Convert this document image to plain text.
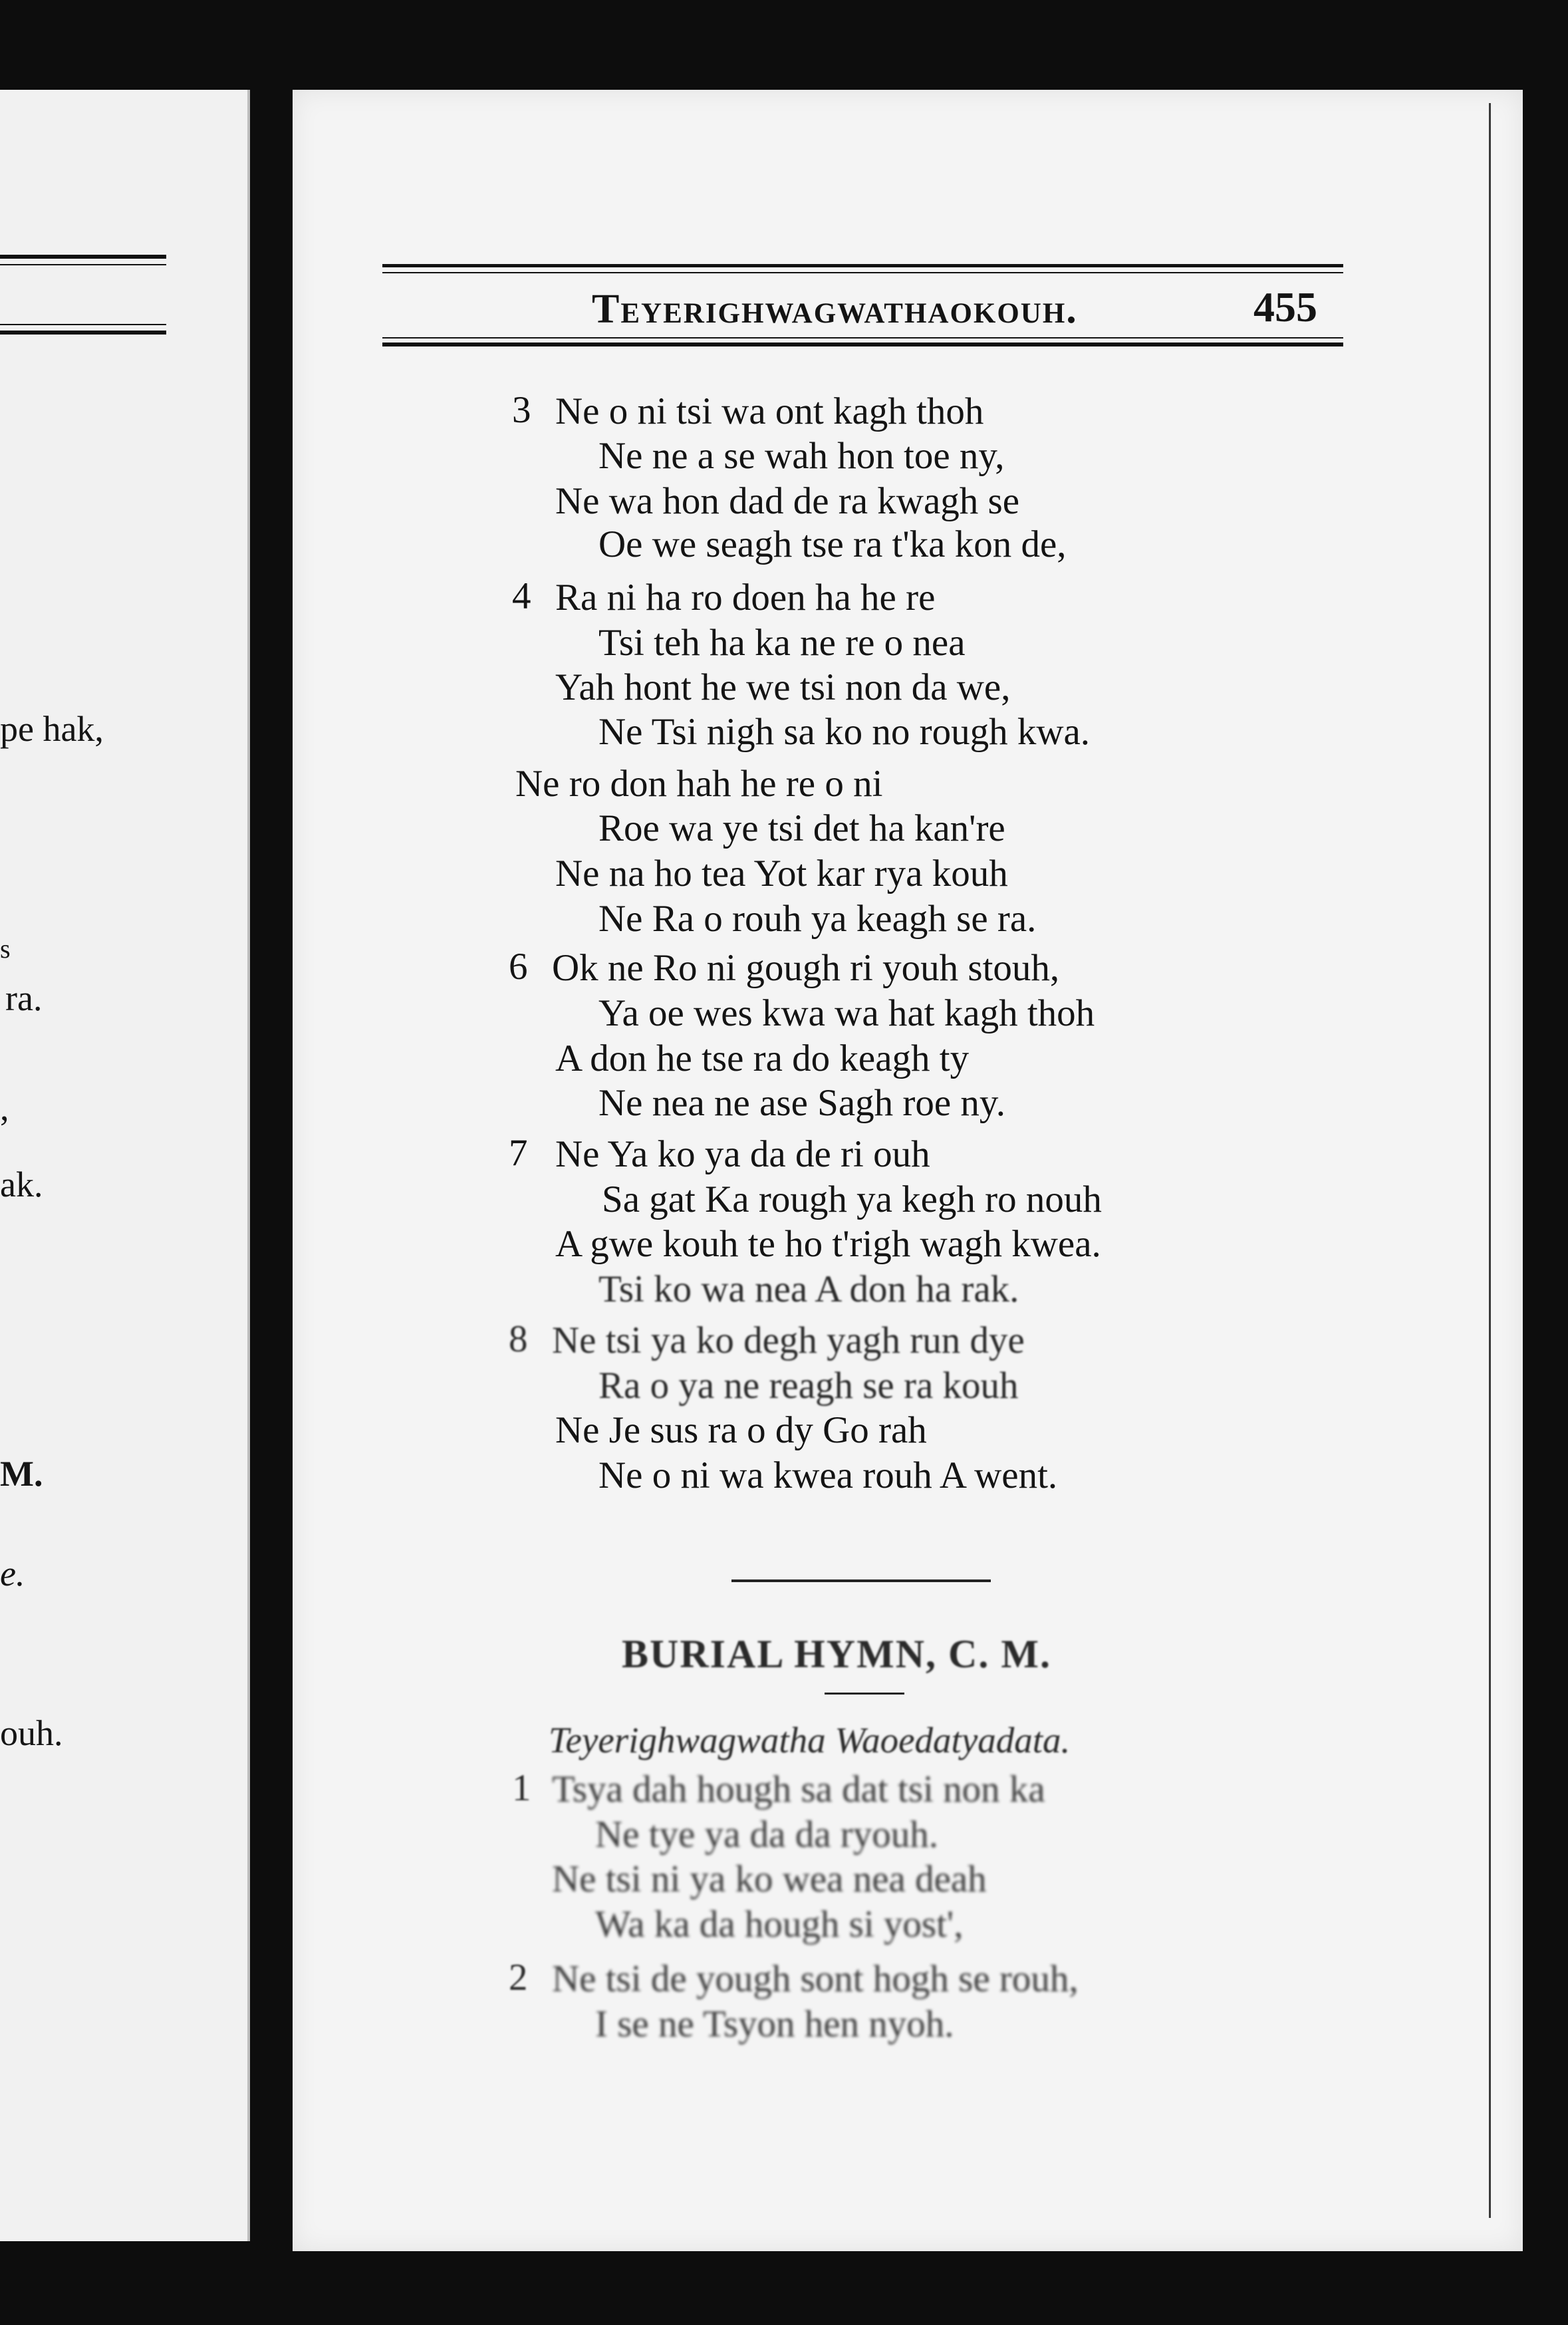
pe hak,
s
ra.
,
ak.
M.
e.
ouh.
Teyerighwagwathaokouh.	455
3 Ne o ni tsi wa ont kagh thoh
Ne ne a se wah hon toe ny,
Ne wa hon dad de ra kwagh se
Oe we seagh tse ra t'ka kon de,
4 Ra ni ha ro doen ha he re
Tsi teh ha ka ne re o nea
Yah hont he we tsi non da we,
Ne Tsi nigh sa ko no rough kwa.
Ne ro don hah he re o ni
Roe wa ye tsi det ha kan're
Ne na ho tea Yot kar rya kouh
Ne Ra o rouh ya keagh se ra.
6 Ok ne Ro ni gough ri youh stouh,
Ya oe wes kwa wa hat kagh thoh
A don he tse ra do keagh ty
Ne nea ne ase Sagh roe ny.
7 Ne Ya ko ya da de ri ouh
Sa gat Ka rough ya kegh ro nouh
A gwe kouh te ho t'righ wagh kwea.
Tsi ko wa nea A don ha rak.
8 Ne tsi ya ko degh yagh run dye
Ra o ya ne reagh se ra kouh
Ne Je sus ra o dy Go rah
Ne o ni wa kwea rouh A went.
BURIAL HYMN, C. M.
Teyerighwagwatha Waoedatyadata.
1 Tsya dah hough sa dat tsi non ka
Ne tye ya da da ryouh.
Ne tsi ni ya ko wea nea deah
Wa ka da hough si yost',
2 Ne tsi de yough sont hogh se rouh,
I se ne Tsyon hen nyoh.
